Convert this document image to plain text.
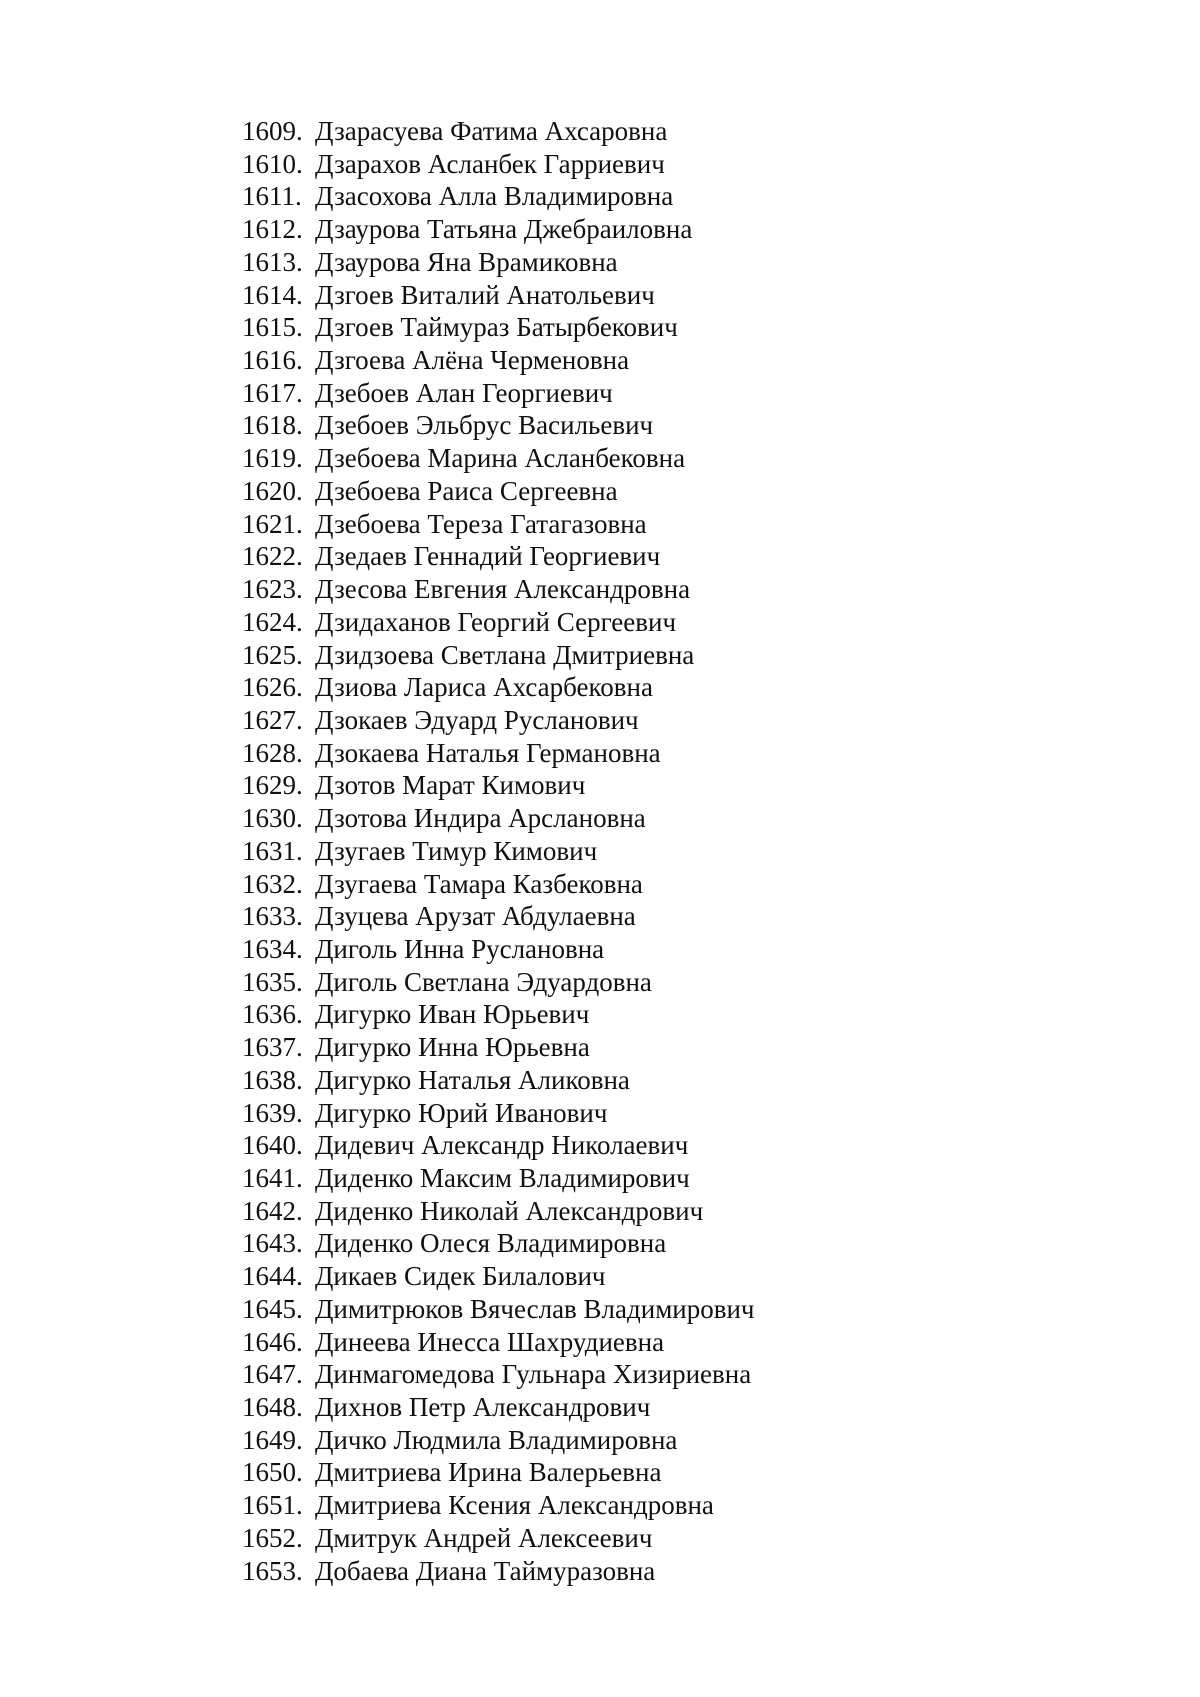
1609. Дзарасуева Фатима Ахсаровна
1610. Дзарахов Асланбек Гарриевич
1611. Дзасохова Алла Владимировна
1612. Дзаурова Татьяна Джебраиловна
1613. Дзаурова Яна Врамиковна
1614. Дзгоев Виталий Анатольевич
1615. Дзгоев Таймураз Батырбекович
1616. Дзгоева Алёна Черменовна
1617. Дзебоев Алан Георгиевич
1618. Дзебоев Эльбрус Васильевич
1619. Дзебоева Марина Асланбековна
1620. Дзебоева Раиса Сергеевна
1621. Дзебоева Тереза Гатагазовна
1622. Дзедаев Геннадий Георгиевич
1623. Дзесова Евгения Александровна
1624. Дзидаханов Георгий Сергеевич
1625. Дзидзоева Светлана Дмитриевна
1626. Дзиова Лариса Ахсарбековна
1627. Дзокаев Эдуард Русланович
1628. Дзокаева Наталья Германовна
1629. Дзотов Марат Кимович
1630. Дзотова Индира Арслановна
1631. Дзугаев Тимур Кимович
1632. Дзугаева Тамара Казбековна
1633. Дзуцева Арузат Абдулаевна
1634. Диголь Инна Руслановна
1635. Диголь Светлана Эдуардовна
1636. Дигурко Иван Юрьевич
1637. Дигурко Инна Юрьевна
1638. Дигурко Наталья Аликовна
1639. Дигурко Юрий Иванович
1640. Дидевич Александр Николаевич
1641. Диденко Максим Владимирович
1642. Диденко Николай Александрович
1643. Диденко Олеся Владимировна
1644. Дикаев Сидек Билалович
1645. Димитрюков Вячеслав Владимирович
1646. Динеева Инесса Шахрудиевна
1647. Динмагомедова Гульнара Хизириевна
1648. Дихнов Петр Александрович
1649. Дичко Людмила Владимировна
1650. Дмитриева Ирина Валерьевна
1651. Дмитриева Ксения Александровна
1652. Дмитрук Андрей Алексеевич
1653. Добаева Диана Таймуразовна
